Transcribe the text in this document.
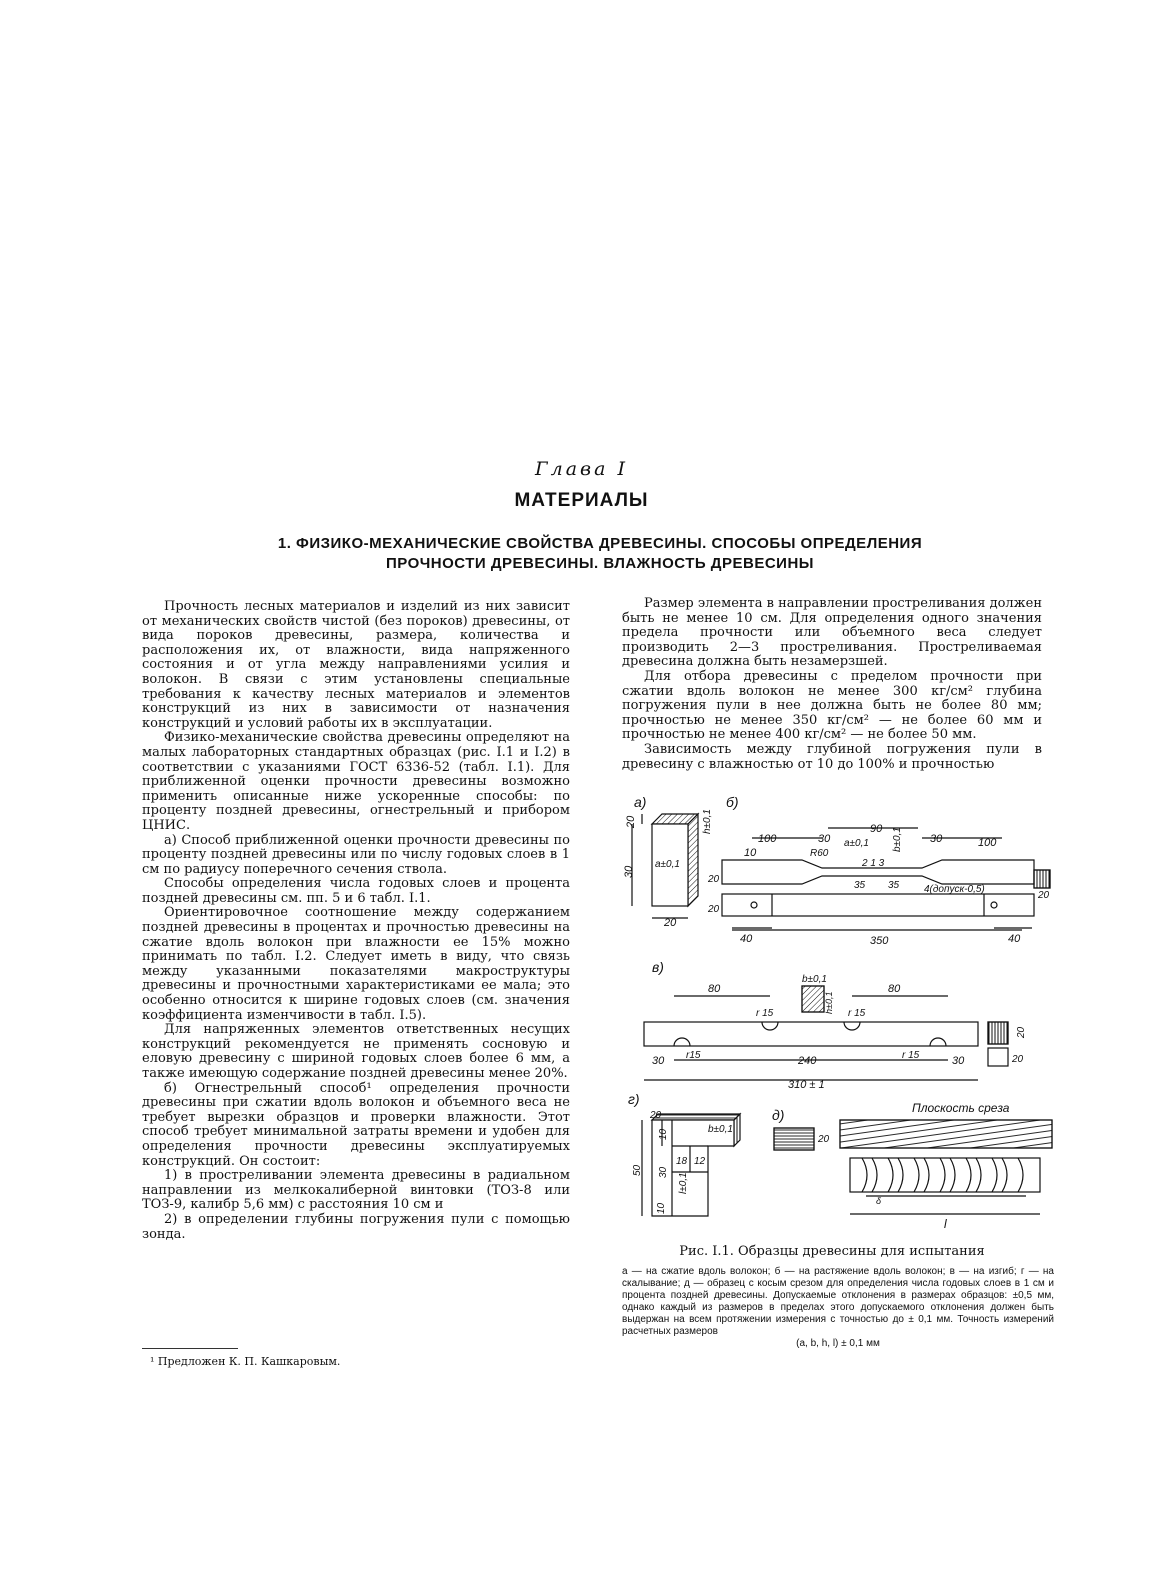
Глава I
МАТЕРИАЛЫ
1. ФИЗИКО-МЕХАНИЧЕСКИЕ СВОЙСТВА ДРЕВЕСИНЫ. СПОСОБЫ ОПРЕДЕЛЕНИЯ
ПРОЧНОСТИ ДРЕВЕСИНЫ. ВЛАЖНОСТЬ ДРЕВЕСИНЫ

Прочность лесных материалов и изделий из них зависит от механических свойств чистой (без пороков) древесины, от вида пороков древесины, размера, количества и расположения их, от влажности, вида напряженного состояния и от угла между направлениями усилия и волокон. В связи с этим установлены специальные требования к качеству лесных материалов и элементов конструкций из них в зависимости от назначения конструкций и условий работы их в эксплуатации.

Физико-механические свойства древесины определяют на малых лабораторных стандартных образцах (рис. I.1 и I.2) в соответствии с указаниями ГОСТ 6336-52 (табл. I.1). Для приближенной оценки прочности древесины возможно применить описанные ниже ускоренные способы: по проценту поздней древесины, огнестрельный и прибором ЦНИС.

а) Способ приближенной оценки прочности древесины по проценту поздней древесины или по числу годовых слоев в 1 см по радиусу поперечного сечения ствола.

Способы определения числа годовых слоев и процента поздней древесины см. пп. 5 и 6 табл. I.1.

Ориентировочное соотношение между содержанием поздней древесины в процентах и прочностью древесины на сжатие вдоль волокон при влажности ее 15% можно принимать по табл. I.2. Следует иметь в виду, что связь между указанными показателями макроструктуры древесины и прочностными характеристиками ее мала; это особенно относится к ширине годовых слоев (см. значения коэффициента изменчивости в табл. I.5).

Для напряженных элементов ответственных несущих конструкций рекомендуется не применять сосновую и еловую древесину с шириной годовых слоев более 6 мм, а также имеющую содержание поздней древесины менее 20%.

б) Огнестрельный способ¹ определения прочности древесины при сжатии вдоль волокон и объемного веса не требует вырезки образцов и проверки влажности. Этот способ требует минимальной затраты времени и удобен для определения прочности древесины эксплуатируемых конструкций. Он состоит:

1) в простреливании элемента древесины в радиальном направлении из мелкокалиберной винтовки (ТОЗ-8 или ТОЗ-9, калибр 5,6 мм) с расстояния 10 см и

2) в определении глубины погружения пули с помощью зонда.

¹ Предложен К. П. Кашкаровым.

Размер элемента в направлении простреливания должен быть не менее 10 см. Для определения одного значения предела прочности или объемного веса следует производить 2—3 простреливания. Простреливаемая древесина должна быть незамерзшей.

Для отбора древесины с пределом прочности при сжатии вдоль волокон не менее 300 кг/см² глубина погружения пули в нее должна быть не более 80 мм; прочностью не менее 350 кг/см² — не более 60 мм и прочностью не менее 400 кг/см² — не более 50 мм.

Зависимость между глубиной погружения пули в древесину с влажностью от 10 до 100% и прочностью

а)
20
30
a±0,1
20
б)
100
10
30
90
a±0,1 b±0,1
h±0,1
30	100
R60
2 1 3
35 35 4(допуск-0,5)
20
20
20
40	350	40
в)
b±0,1
h±0,1
80	80
r 15	r 15
r15	r 15
30	240	30
310 ± 1
20
20
г)
20
b±0,1
10
30
50
18 12
l±0,1
10
д)
20
Плоскость среза
δ
l
Рис. I.1. Образцы древесины для испытания

а — на сжатие вдоль волокон; б — на растяжение вдоль волокон; в — на изгиб; г — на скалывание; д — образец с косым срезом для определения числа годовых слоев в 1 см и процента поздней древесины. Допускаемые отклонения в размерах образцов: ±0,5 мм, однако каждый из размеров в пределах этого допускаемого отклонения должен быть выдержан на всем протяжении измерения с точностью до ± 0,1 мм. Точность измерений расчетных размеров

(a, b, h, l) ± 0,1 мм
